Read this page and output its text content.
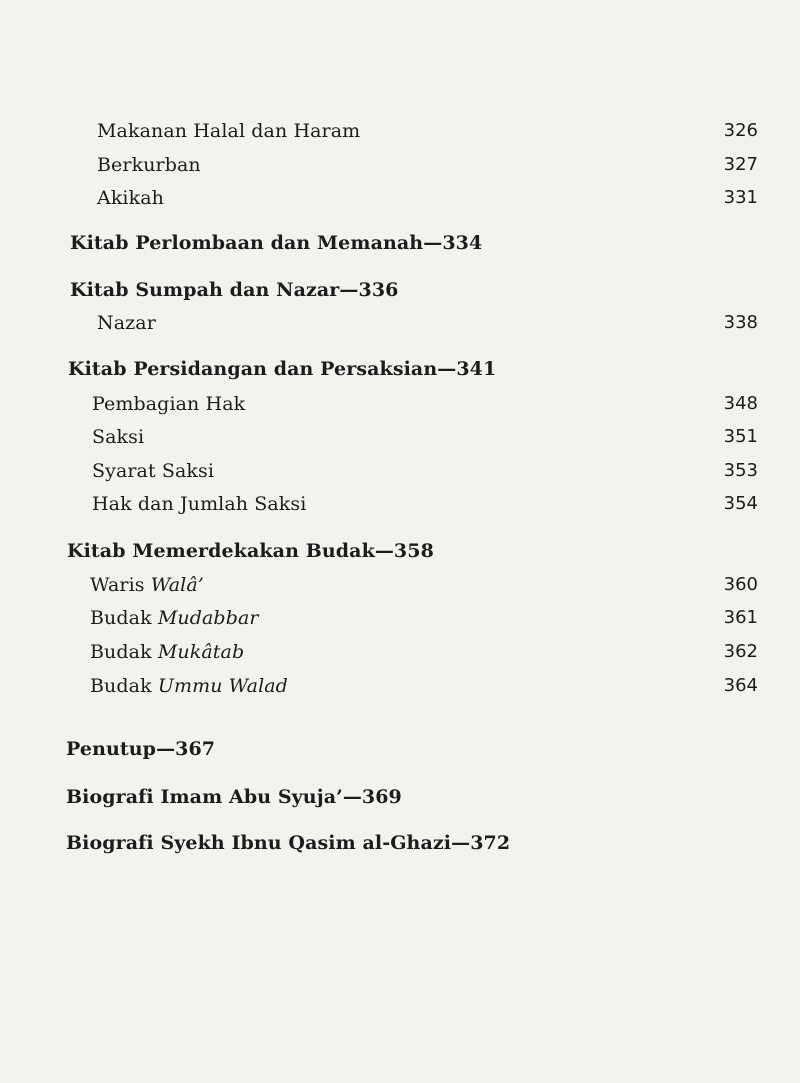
Makanan Halal dan Haram	326
Berkurban	327
Akikah	331
Kitab Perlombaan dan Memanah—334
Kitab Sumpah dan Nazar—336
Nazar	338
Kitab Persidangan dan Persaksian—341
Pembagian Hak	348
Saksi	351
Syarat Saksi	353
Hak dan Jumlah Saksi	354
Kitab Memerdekakan Budak—358
Waris Walâ’	360
Budak Mudabbar	361
Budak Mukâtab	362
Budak Ummu Walad	364
Penutup—367
Biografi Imam Abu Syuja’—369
Biografi Syekh Ibnu Qasim al-Ghazi—372
